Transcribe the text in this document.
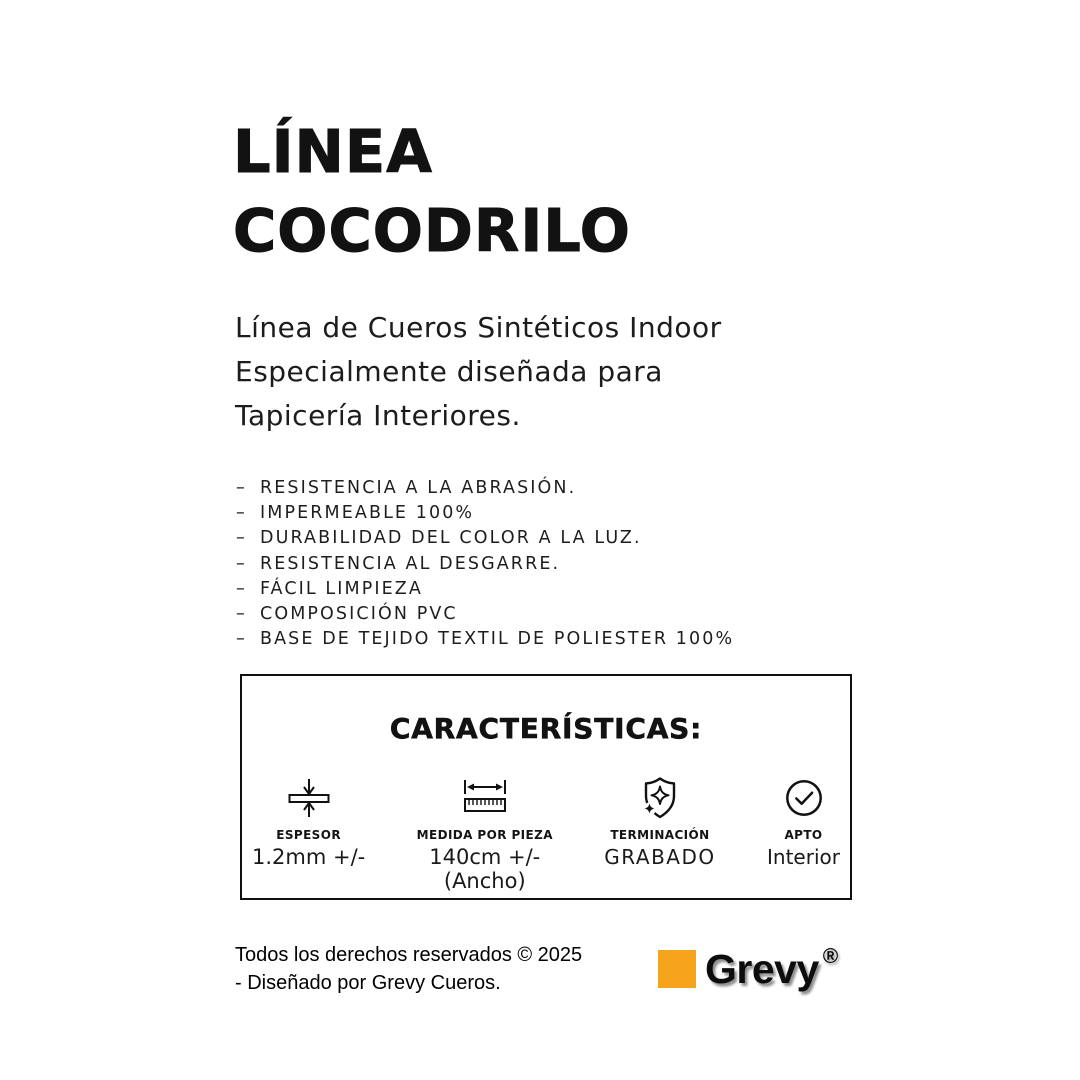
LÍNEA
COCODRILO

Línea de Cueros Sintéticos Indoor
Especialmente diseñada para
Tapicería Interiores.

– RESISTENCIA A LA ABRASIÓN.
– IMPERMEABLE 100%
– DURABILIDAD DEL COLOR A LA LUZ.
– RESISTENCIA AL DESGARRE.
– FÁCIL LIMPIEZA
– COMPOSICIÓN PVC
– BASE DE TEJIDO TEXTIL DE POLIESTER 100%
CARACTERÍSTICAS:
ESPESOR
1.2mm +/-
MEDIDA POR PIEZA
140cm +/-
(Ancho)
TERMINACIÓN
GRABADO
APTO
Interior
Todos los derechos reservados © 2025
- Diseñado por Grevy Cueros.	Grevy ®
